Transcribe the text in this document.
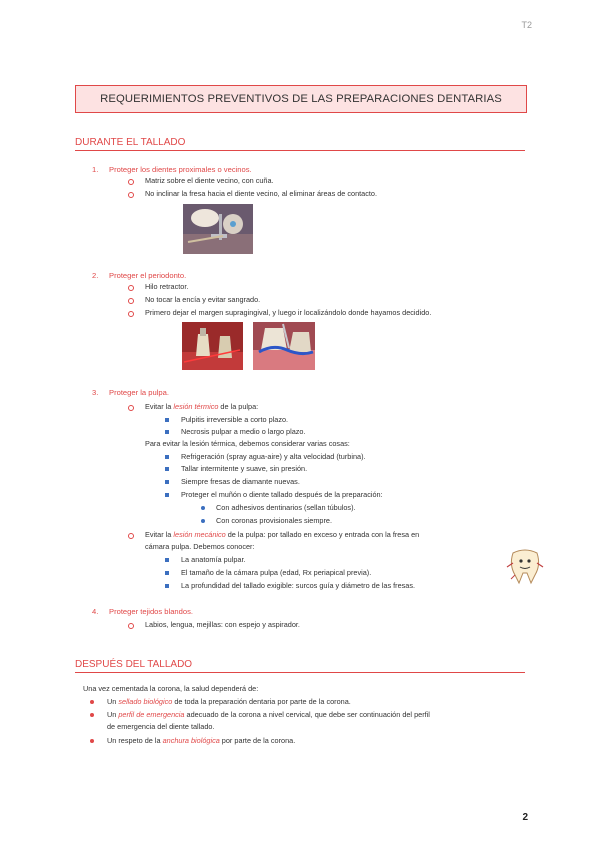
T2
REQUERIMIENTOS PREVENTIVOS DE LAS PREPARACIONES DENTARIAS
DURANTE EL TALLADO
1. Proteger los dientes proximales o vecinos.
Matriz sobre el diente vecino, con cuña.
No inclinar la fresa hacia el diente vecino, al eliminar áreas de contacto.
2. Proteger el periodonto.
Hilo retractor.
No tocar la encía y evitar sangrado.
Primero dejar el margen supragingival, y luego ir localizándolo donde hayamos decidido.
3. Proteger la pulpa.
Evitar la lesión térmico de la pulpa:
Pulpitis irreversible a corto plazo.
Necrosis pulpar a medio o largo plazo.
Para evitar la lesión térmica, debemos considerar varias cosas:
Refrigeración (spray agua-aire) y alta velocidad (turbina).
Tallar intermitente y suave, sin presión.
Siempre fresas de diamante nuevas.
Proteger el muñón o diente tallado después de la preparación:
Con adhesivos dentinarios (sellan túbulos).
Con coronas provisionales siempre.
Evitar la lesión mecánico de la pulpa: por tallado en exceso y entrada con la fresa en
cámara pulpa. Debemos conocer:
La anatomía pulpar.
El tamaño de la cámara pulpa (edad, Rx periapical previa).
La profundidad del tallado exigible: surcos guía y diámetro de las fresas.
4. Proteger tejidos blandos.
Labios, lengua, mejillas: con espejo y aspirador.
DESPUÉS DEL TALLADO
Una vez cementada la corona, la salud dependerá de:
Un sellado biológico de toda la preparación dentaria por parte de la corona.
Un perfil de emergencia adecuado de la corona a nivel cervical, que debe ser continuación del perfil
de emergencia del diente tallado.
Un respeto de la anchura biológica por parte de la corona.
2
